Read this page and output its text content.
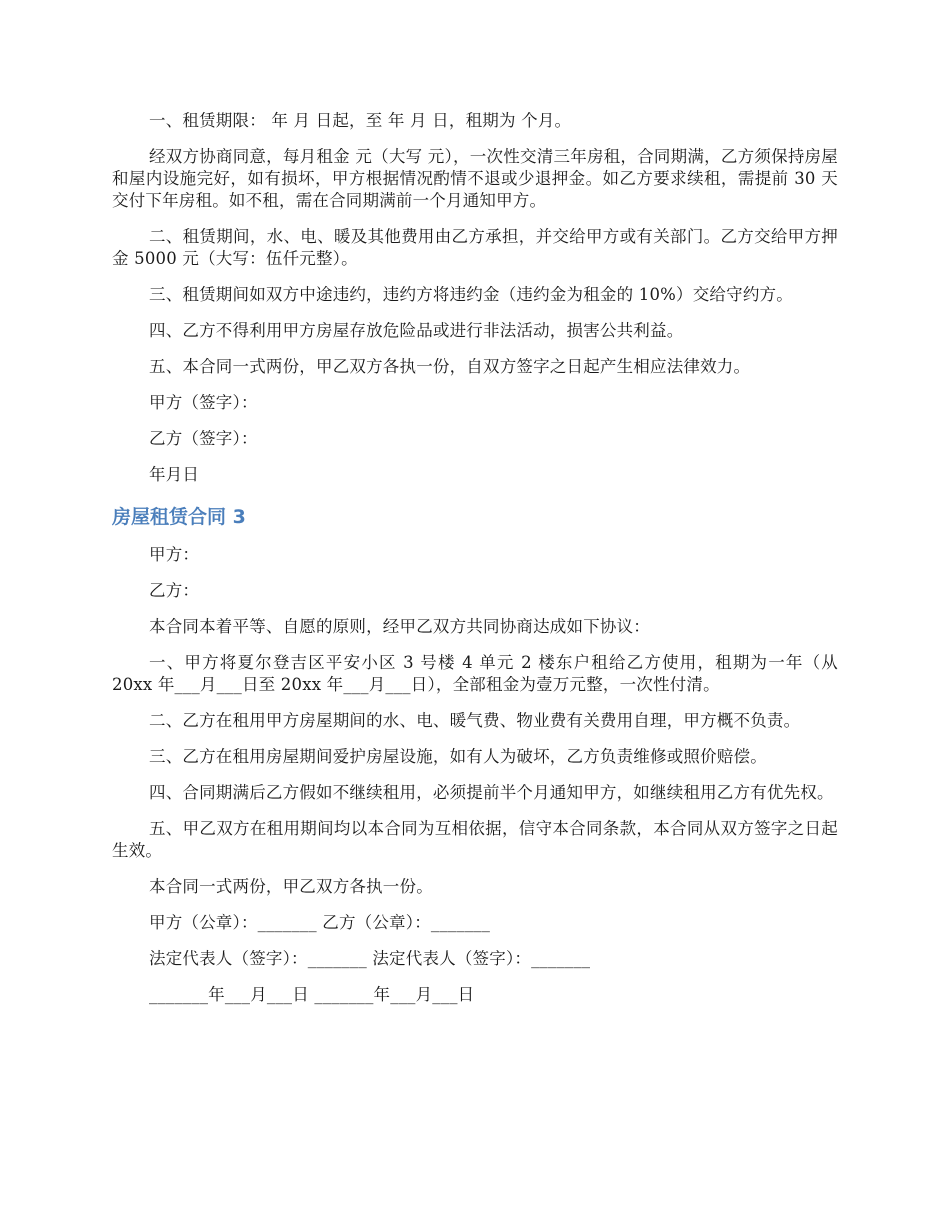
一、租赁期限： 年 月 日起，至 年 月 日，租期为 个月。

经双方协商同意，每月租金 元（大写 元），一次性交清三年房租，合同期满，乙方须保持房屋和屋内设施完好，如有损坏，甲方根据情况酌情不退或少退押金。如乙方要求续租，需提前 30 天交付下年房租。如不租，需在合同期满前一个月通知甲方。

二、租赁期间，水、电、暖及其他费用由乙方承担，并交给甲方或有关部门。乙方交给甲方押金 5000 元（大写：伍仟元整）。

三、租赁期间如双方中途违约，违约方将违约金（违约金为租金的 10%）交给守约方。

四、乙方不得利用甲方房屋存放危险品或进行非法活动，损害公共利益。

五、本合同一式两份，甲乙双方各执一份，自双方签字之日起产生相应法律效力。

甲方（签字）：

乙方（签字）：

年月日

房屋租赁合同 3

甲方：

乙方：

本合同本着平等、自愿的原则，经甲乙双方共同协商达成如下协议：

一、甲方将夏尔登吉区平安小区 3 号楼 4 单元 2 楼东户租给乙方使用，租期为一年（从 20xx 年___月___日至 20xx 年___月___日），全部租金为壹万元整，一次性付清。

二、乙方在租用甲方房屋期间的水、电、暖气费、物业费有关费用自理，甲方概不负责。

三、乙方在租用房屋期间爱护房屋设施，如有人为破坏，乙方负责维修或照价赔偿。

四、合同期满后乙方假如不继续租用，必须提前半个月通知甲方，如继续租用乙方有优先权。

五、甲乙双方在租用期间均以本合同为互相依据，信守本合同条款，本合同从双方签字之日起生效。

本合同一式两份，甲乙双方各执一份。

甲方（公章）：_______ 乙方（公章）：_______

法定代表人（签字）：_______ 法定代表人（签字）：_______

_______年___月___日 _______年___月___日
